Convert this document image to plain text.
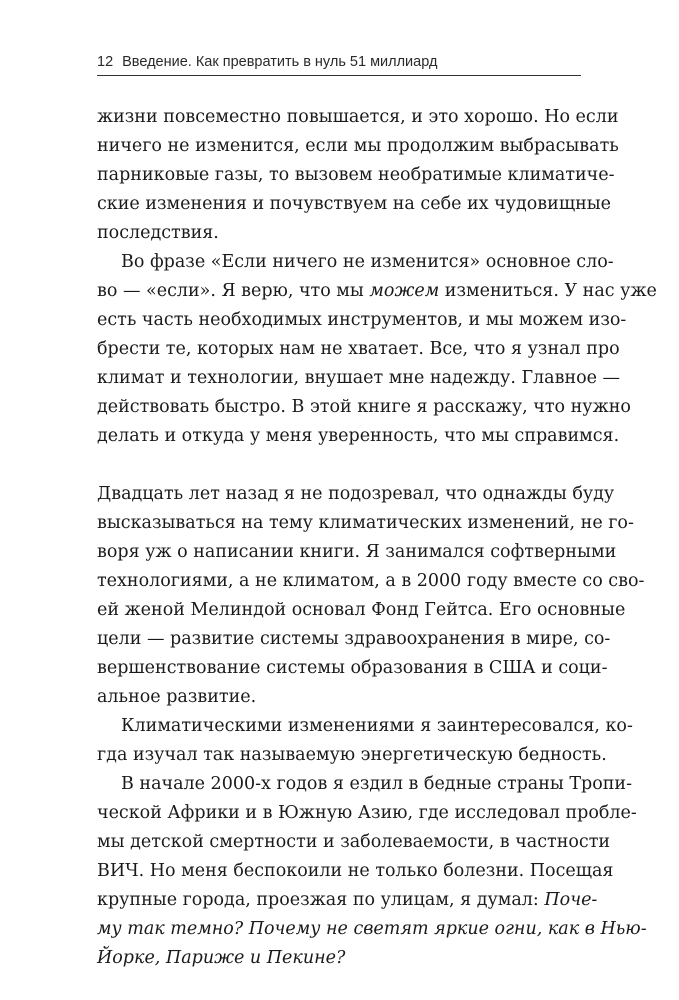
12 Введение. Как превратить в нуль 51 миллиард
жизни повсеместно повышается, и это хорошо. Но если
ничего не изменится, если мы продолжим выбрасывать
парниковые газы, то вызовем необратимые климатиче-
ские изменения и почувствуем на себе их чудовищные
последствия.
Во фразе «Если ничего не изменится» основное сло-
во — «если». Я верю, что мы можем измениться. У нас уже
есть часть необходимых инструментов, и мы можем изо-
брести те, которых нам не хватает. Все, что я узнал про
климат и технологии, внушает мне надежду. Главное —
действовать быстро. В этой книге я расскажу, что нужно
делать и откуда у меня уверенность, что мы справимся.
Двадцать лет назад я не подозревал, что однажды буду
высказываться на тему климатических изменений, не го-
воря уж о написании книги. Я занимался софтверными
технологиями, а не климатом, а в 2000 году вместе со сво-
ей женой Мелиндой основал Фонд Гейтса. Его основные
цели — развитие системы здравоохранения в мире, со-
вершенствование системы образования в США и соци-
альное развитие.
Климатическими изменениями я заинтересовался, ко-
гда изучал так называемую энергетическую бедность.
В начале 2000-х годов я ездил в бедные страны Тропи-
ческой Африки и в Южную Азию, где исследовал пробле-
мы детской смертности и заболеваемости, в частности
ВИЧ. Но меня беспокоили не только болезни. Посещая
крупные города, проезжая по улицам, я думал: Поче-
му так темно? Почему не светят яркие огни, как в Нью-
Йорке, Париже и Пекине?
